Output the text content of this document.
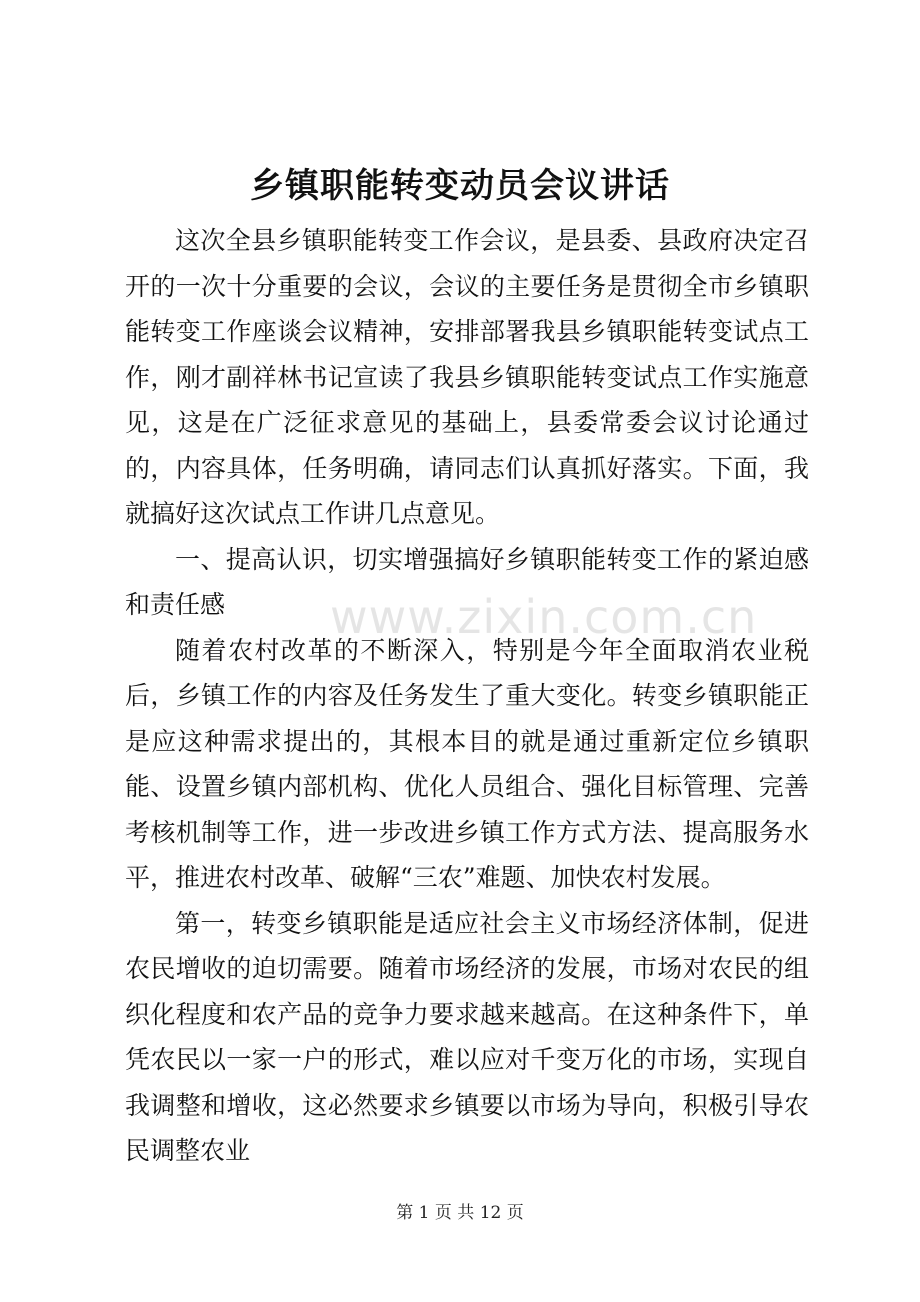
乡镇职能转变动员会议讲话

这次全县乡镇职能转变工作会议，是县委、县政府决定召开的一次十分重要的会议，会议的主要任务是贯彻全市乡镇职能转变工作座谈会议精神，安排部署我县乡镇职能转变试点工作，刚才副祥林书记宣读了我县乡镇职能转变试点工作实施意见，这是在广泛征求意见的基础上，县委常委会议讨论通过的，内容具体，任务明确，请同志们认真抓好落实。下面，我就搞好这次试点工作讲几点意见。

一、提高认识，切实增强搞好乡镇职能转变工作的紧迫感和责任感

随着农村改革的不断深入，特别是今年全面取消农业税后，乡镇工作的内容及任务发生了重大变化。转变乡镇职能正是应这种需求提出的，其根本目的就是通过重新定位乡镇职能、设置乡镇内部机构、优化人员组合、强化目标管理、完善考核机制等工作，进一步改进乡镇工作方式方法、提高服务水平，推进农村改革、破解“三农”难题、加快农村发展。

第一，转变乡镇职能是适应社会主义市场经济体制，促进农民增收的迫切需要。随着市场经济的发展，市场对农民的组织化程度和农产品的竞争力要求越来越高。在这种条件下，单凭农民以一家一户的形式，难以应对千变万化的市场，实现自我调整和增收，这必然要求乡镇要以市场为导向，积极引导农民调整农业

www.zixin.com.cn
第 1 页 共 12 页
